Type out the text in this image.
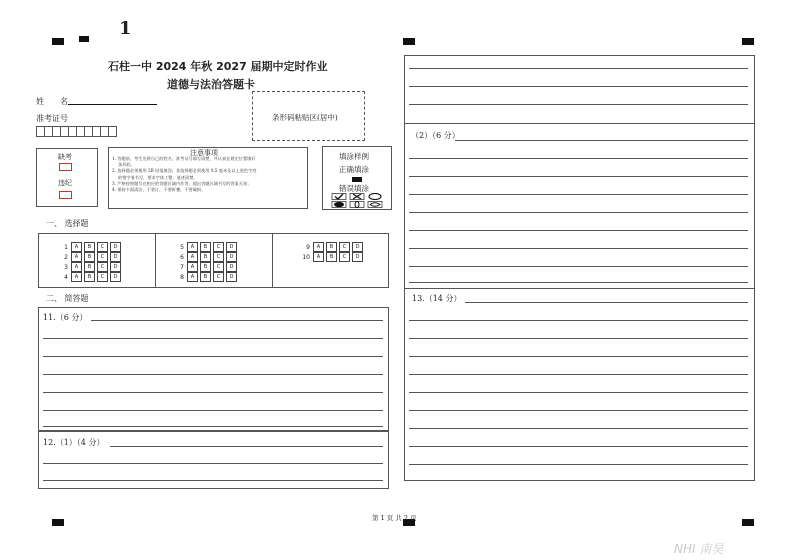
1
石柱一中 2024 年秋 2027 届期中定时作业
道德与法治答题卡
姓　　名
准考证号	条形码粘贴区(居中)
缺考
违纪
注意事项
1. 答题前，考生先将自己的姓名、准考证号填写清楚，并认真在规定位置填好
条形码。
2. 选择题必须使用 2B 铅笔填涂；非选择题必须使用 0.5 毫米及以上黑色字迹
的签字笔书写，要求字体工整，笔迹清楚。
3. 严格按照题号在相应的答题区域内作答，超出答题区域书写的答案无效；
4. 保持卡面清洁，不装订，不要折叠，不要破损。
填涂样例
正确填涂
错误填涂
一、 选择题
1 A B C D
2 A B C D
3 A B C D
4 A B C D
5 A B C D
6 A B C D
7 A B C D
8 A B C D
9 A B C D
10 A B C D
二、 简答题
11.（6 分）
12.（1）（4 分）
（2）（6 分）
13.（14 分）
第 1 页 共 2 页
NHI 南昊
